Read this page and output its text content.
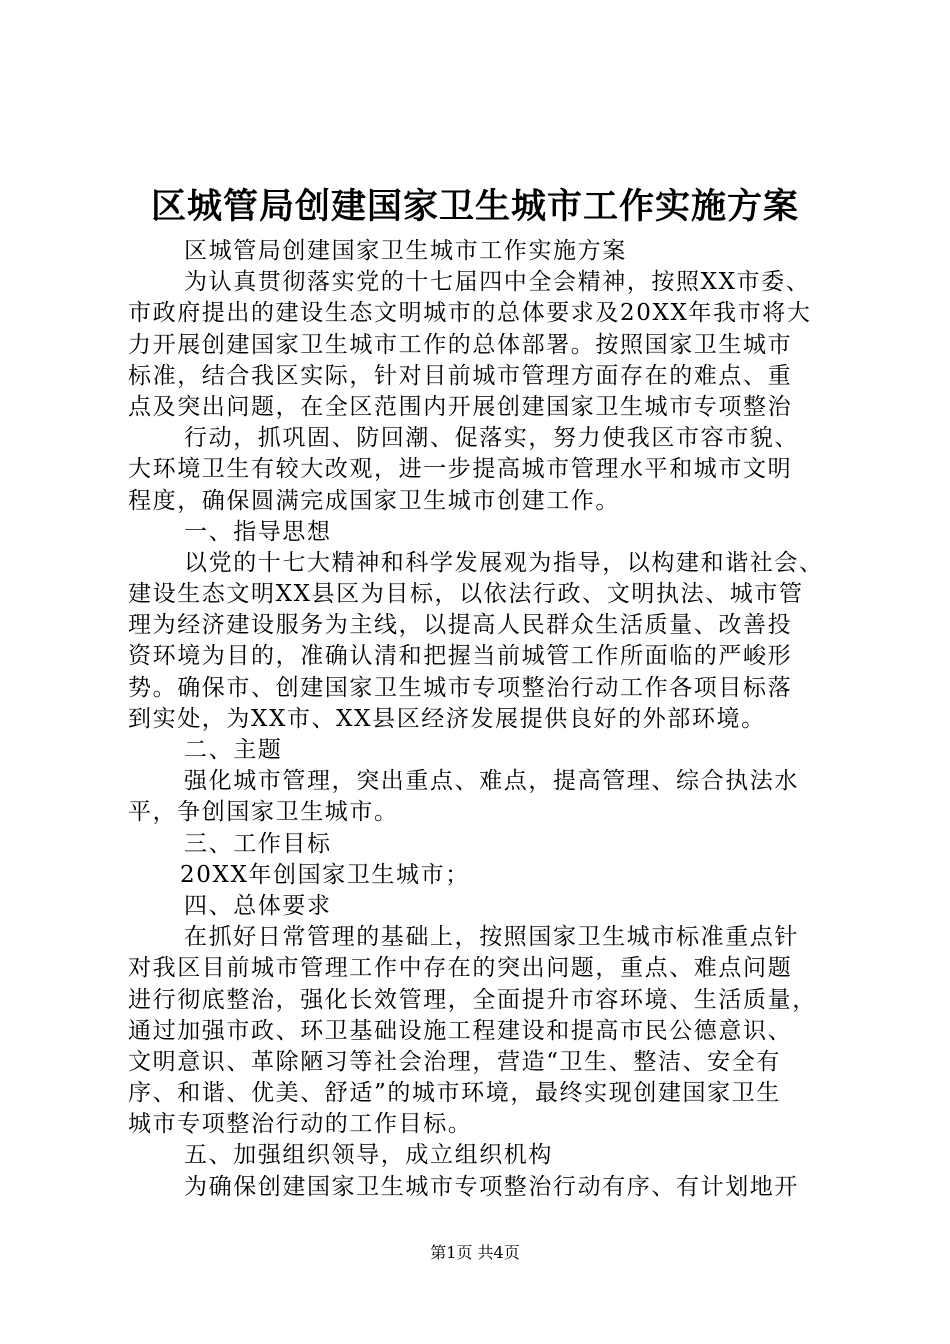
区城管局创建国家卫生城市工作实施方案
区城管局创建国家卫生城市工作实施方案
为认真贯彻落实党的十七届四中全会精神，按照XX市委、
市政府提出的建设生态文明城市的总体要求及20XX年我市将大
力开展创建国家卫生城市工作的总体部署。按照国家卫生城市
标准，结合我区实际，针对目前城市管理方面存在的难点、重
点及突出问题，在全区范围内开展创建国家卫生城市专项整治
行动，抓巩固、防回潮、促落实，努力使我区市容市貌、
大环境卫生有较大改观，进一步提高城市管理水平和城市文明
程度，确保圆满完成国家卫生城市创建工作。
一、指导思想
以党的十七大精神和科学发展观为指导，以构建和谐社会、
建设生态文明XX县区为目标，以依法行政、文明执法、城市管
理为经济建设服务为主线，以提高人民群众生活质量、改善投
资环境为目的，准确认清和把握当前城管工作所面临的严峻形
势。确保市、创建国家卫生城市专项整治行动工作各项目标落
到实处，为XX市、XX县区经济发展提供良好的外部环境。
二、主题
强化城市管理，突出重点、难点，提高管理、综合执法水
平，争创国家卫生城市。
三、工作目标
20XX年创国家卫生城市；
四、总体要求
在抓好日常管理的基础上，按照国家卫生城市标准重点针
对我区目前城市管理工作中存在的突出问题，重点、难点问题
进行彻底整治，强化长效管理，全面提升市容环境、生活质量，
通过加强市政、环卫基础设施工程建设和提高市民公德意识、
文明意识、革除陋习等社会治理，营造“卫生、整洁、安全有
序、和谐、优美、舒适”的城市环境，最终实现创建国家卫生
城市专项整治行动的工作目标。
五、加强组织领导，成立组织机构
为确保创建国家卫生城市专项整治行动有序、有计划地开
第1页 共4页
